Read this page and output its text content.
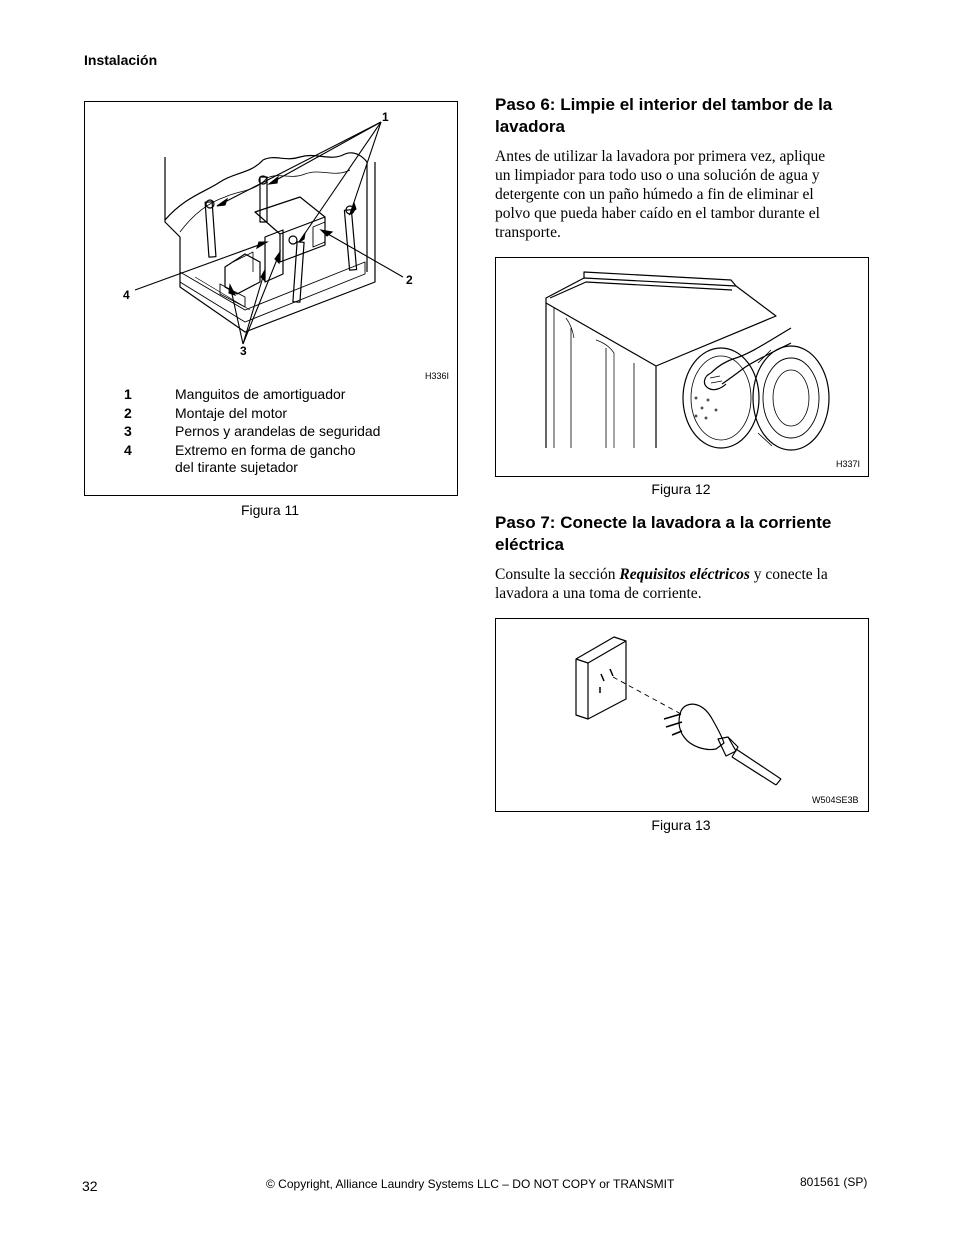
Instalación
1
2
3
4
H336I
1	Manguitos de amortiguador
2	Montaje del motor
3	Pernos y arandelas de seguridad
4	Extremo en forma de gancho
del tirante sujetador
Figura 11
Paso 6: Limpie el interior del tambor de la
lavadora
Antes de utilizar la lavadora por primera vez, aplique
un limpiador para todo uso o una solución de agua y
detergente con un paño húmedo a fin de eliminar el
polvo que pueda haber caído en el tambor durante el
transporte.
H337I
Figura 12
Paso 7: Conecte la lavadora a la corriente
eléctrica
Consulte la sección Requisitos eléctricos y conecte la
lavadora a una toma de corriente.
W504SE3B
Figura 13
32	© Copyright, Alliance Laundry Systems LLC – DO NOT COPY or TRANSMIT	801561 (SP)
